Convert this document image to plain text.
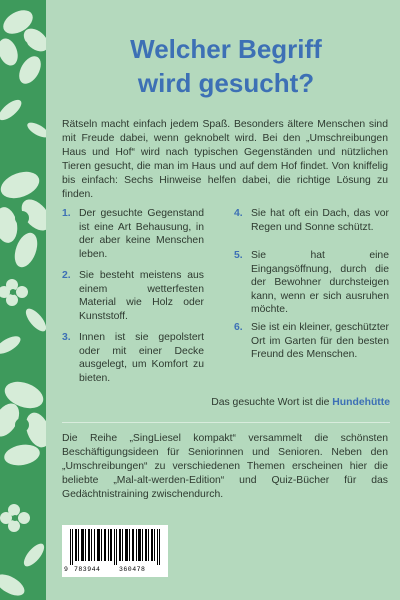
Welcher Begriff
wird gesucht?

Rätseln macht einfach jedem Spaß. Besonders ältere Menschen sind mit Freude dabei, wenn geknobelt wird. Bei den „Umschreibungen Haus und Hof“ wird nach typischen Gegenständen und nützlichen Tieren gesucht, die man im Haus und auf dem Hof findet. Von kniffelig bis einfach: Sechs Hinweise helfen dabei, die richtige Lösung zu finden.

1. Der gesuchte Gegenstand ist eine Art Behausung, in der aber keine Menschen leben.
2. Sie besteht meistens aus einem wetterfesten Material wie Holz oder Kunststoff.
3. Innen ist sie gepolstert oder mit einer Decke ausgelegt, um Komfort zu bieten.
4. Sie hat oft ein Dach, das vor Regen und Sonne schützt.
5. Sie hat eine Eingangsöffnung, durch die der Bewohner durchsteigen kann, wenn er sich ausruhen möchte.
6. Sie ist ein kleiner, geschützter Ort im Garten für den besten Freund des Menschen.
Das gesuchte Wort ist die Hundehütte

Die Reihe „SingLiesel kompakt“ versammelt die schönsten Beschäftigungsideen für Seniorinnen und Senioren. Neben den „Umschreibungen“ zu verschiedenen Themen erscheinen hier die beliebte „Mal-alt-werden-Edition“ und Quiz-Bücher für das Gedächtnistraining zwischendurch.

9 783944	360478
